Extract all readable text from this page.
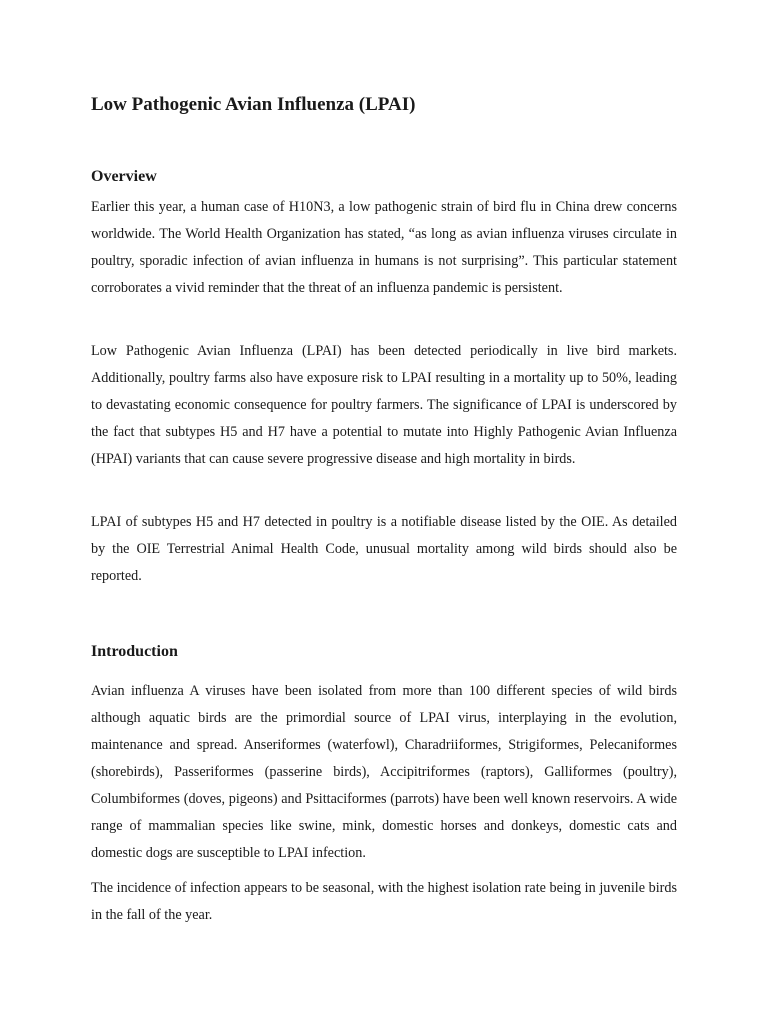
Low Pathogenic Avian Influenza (LPAI)
Overview

Earlier this year, a human case of H10N3, a low pathogenic strain of bird flu in China drew concerns worldwide. The World Health Organization has stated, “as long as avian influenza viruses circulate in poultry, sporadic infection of avian influenza in humans is not surprising”. This particular statement corroborates a vivid reminder that the threat of an influenza pandemic is persistent.

Low Pathogenic Avian Influenza (LPAI) has been detected periodically in live bird markets. Additionally, poultry farms also have exposure risk to LPAI resulting in a mortality up to 50%, leading to devastating economic consequence for poultry farmers. The significance of LPAI is underscored by the fact that subtypes H5 and H7 have a potential to mutate into Highly Pathogenic Avian Influenza (HPAI) variants that can cause severe progressive disease and high mortality in birds.

LPAI of subtypes H5 and H7 detected in poultry is a notifiable disease listed by the OIE. As detailed by the OIE Terrestrial Animal Health Code, unusual mortality among wild birds should also be reported.

Introduction

Avian influenza A viruses have been isolated from more than 100 different species of wild birds although aquatic birds are the primordial source of LPAI virus, interplaying in the evolution, maintenance and spread. Anseriformes (waterfowl), Charadriiformes, Strigiformes, Pelecaniformes (shorebirds), Passeriformes (passerine birds), Accipitriformes (raptors), Galliformes (poultry), Columbiformes (doves, pigeons) and Psittaciformes (parrots) have been well known reservoirs. A wide range of mammalian species like swine, mink, domestic horses and donkeys, domestic cats and domestic dogs are susceptible to LPAI infection.

The incidence of infection appears to be seasonal, with the highest isolation rate being in juvenile birds in the fall of the year.
